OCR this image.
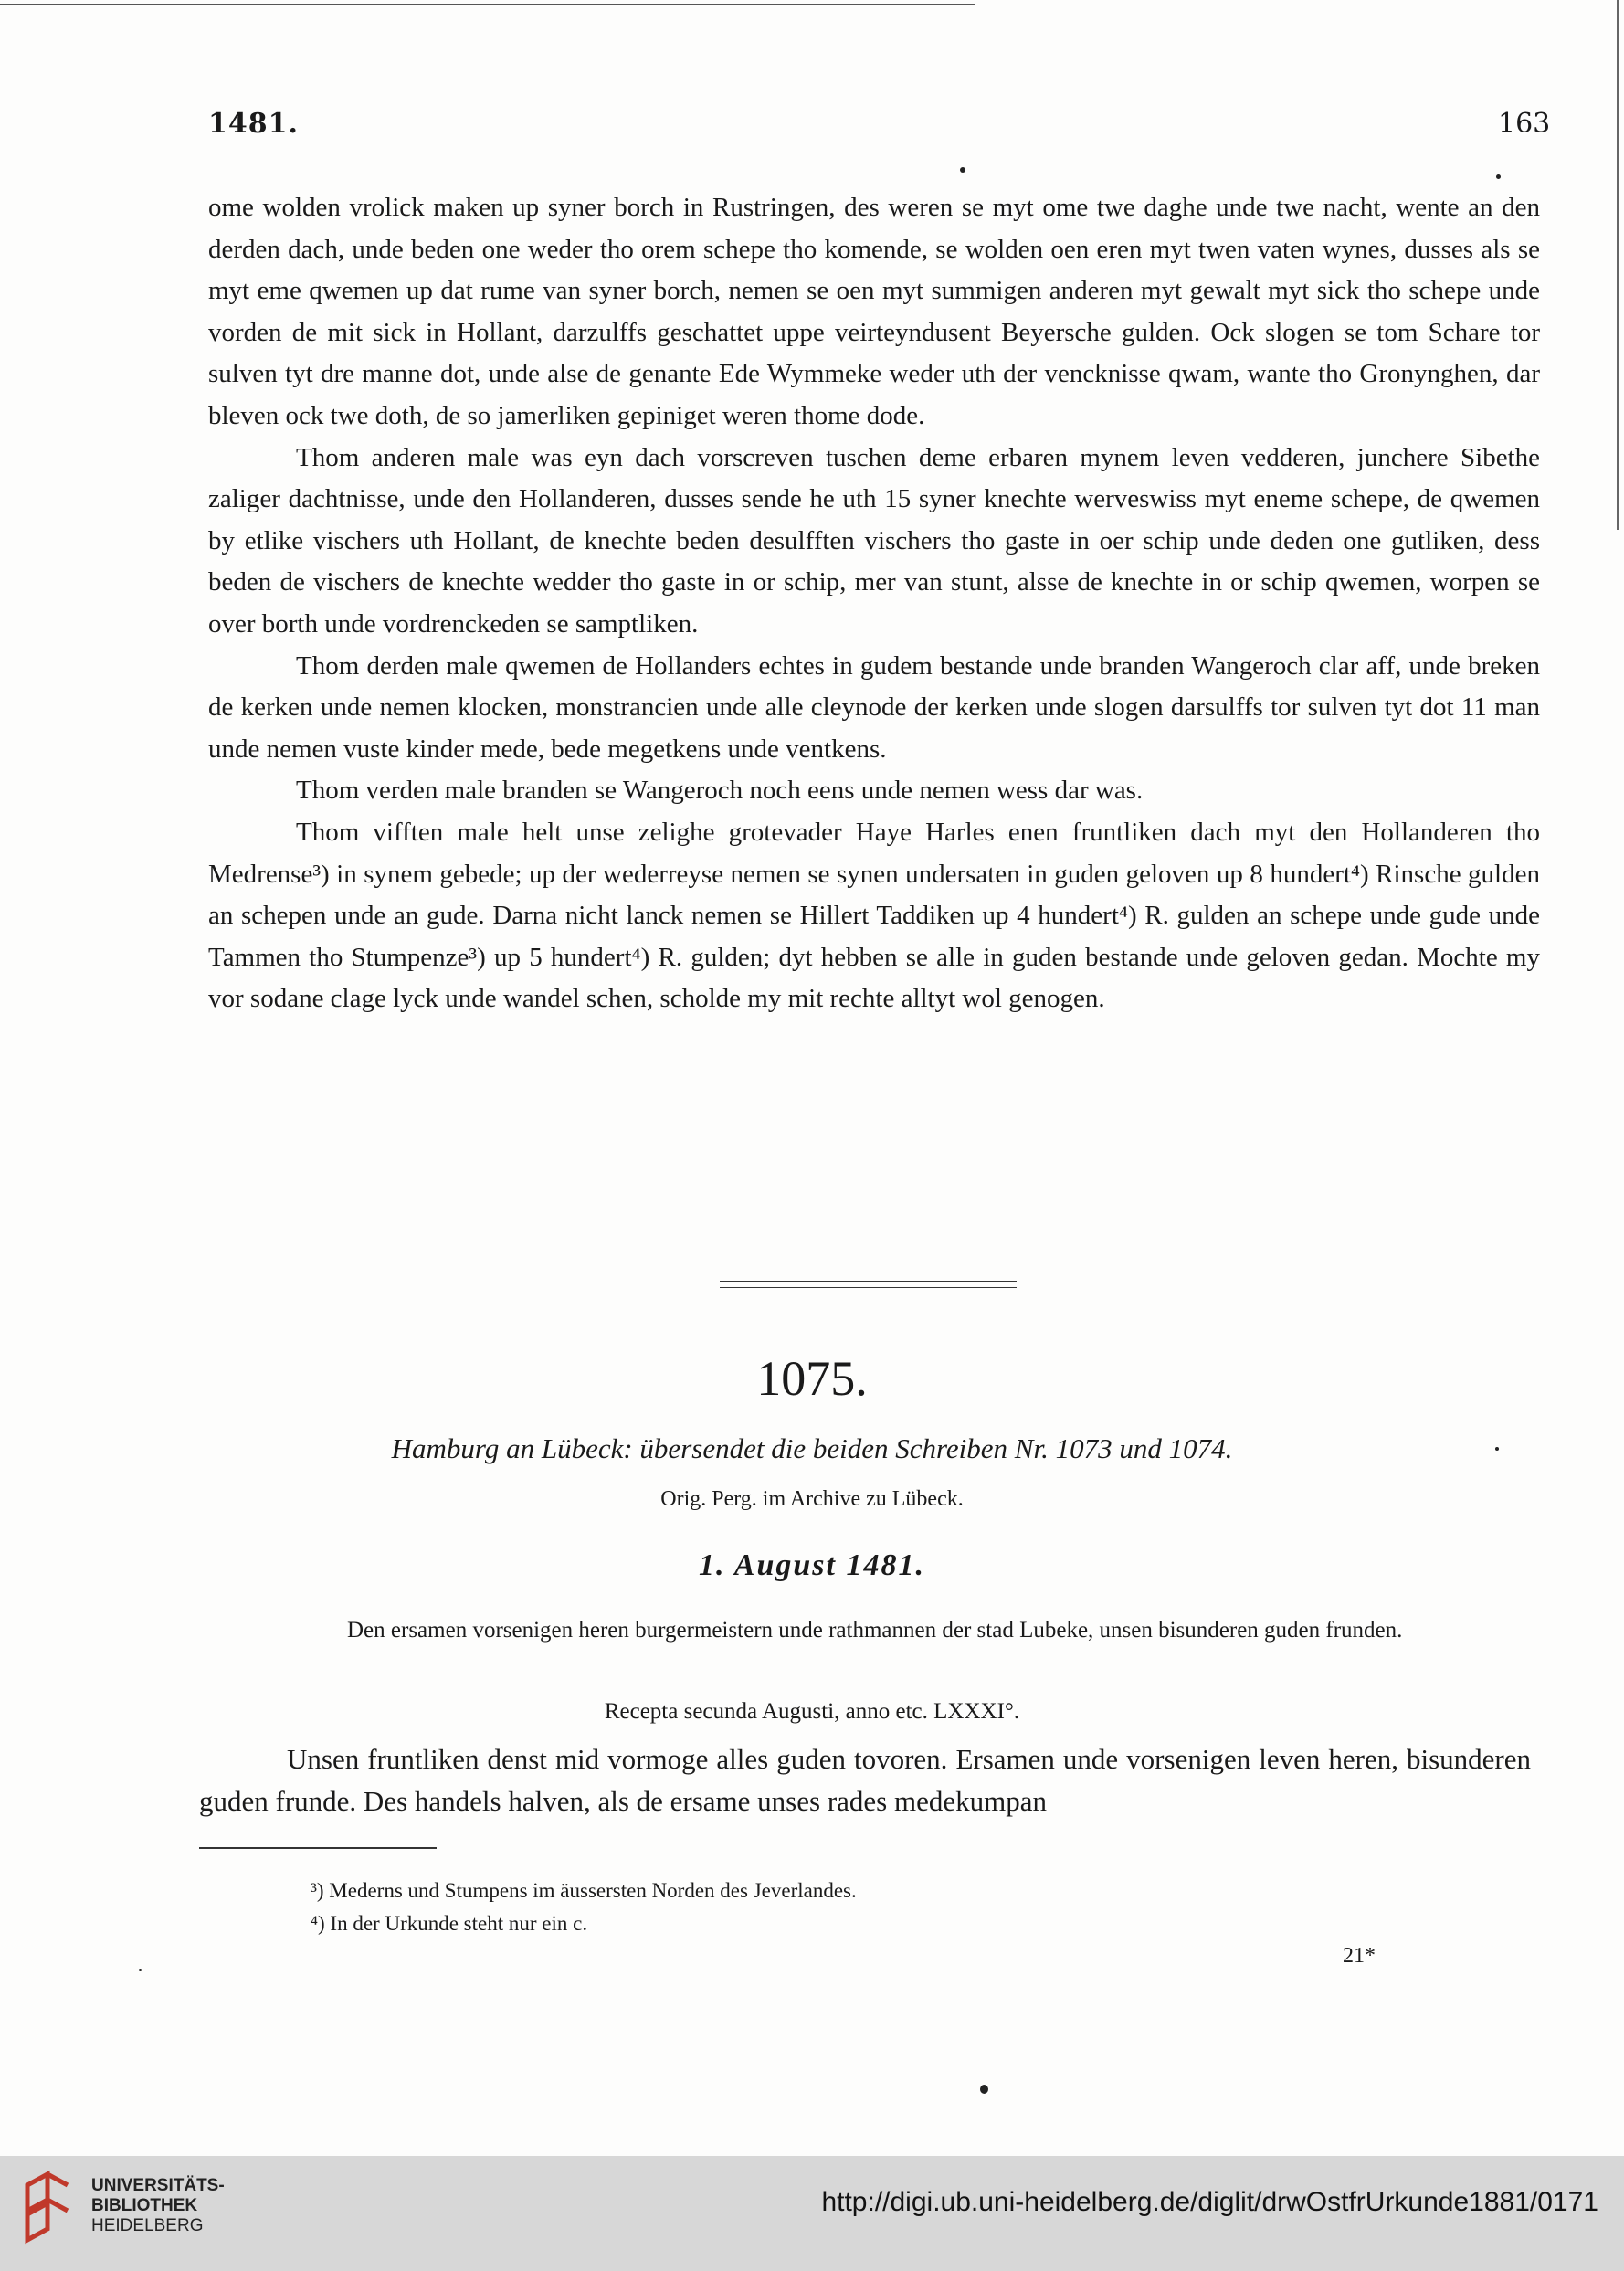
1481.	163

ome wolden vrolick maken up syner borch in Rustringen, des weren se myt ome twe daghe unde twe nacht, wente an den derden dach, unde beden one weder tho orem schepe tho komende, se wolden oen eren myt twen vaten wynes, dusses als se myt eme qwemen up dat rume van syner borch, nemen se oen myt summigen anderen myt gewalt myt sick tho schepe unde vorden de mit sick in Hollant, darzulffs geschattet uppe veirteyndusent Beyersche gulden. Ock slogen se tom Schare tor sulven tyt dre manne dot, unde alse de genante Ede Wymmeke weder uth der vencknisse qwam, wante tho Gronynghen, dar bleven ock twe doth, de so jamerliken gepiniget weren thome dode.

Thom anderen male was eyn dach vorscreven tuschen deme erbaren mynem leven vedderen, junchere Sibethe zaliger dachtnisse, unde den Hollanderen, dusses sende he uth 15 syner knechte werveswiss myt eneme schepe, de qwemen by etlike vischers uth Hollant, de knechte beden desulfften vischers tho gaste in oer schip unde deden one gutliken, dess beden de vischers de knechte wedder tho gaste in or schip, mer van stunt, alsse de knechte in or schip qwemen, worpen se over borth unde vordrenckeden se samptliken.

Thom derden male qwemen de Hollanders echtes in gudem bestande unde branden Wangeroch clar aff, unde breken de kerken unde nemen klocken, monstrancien unde alle cleynode der kerken unde slogen darsulffs tor sulven tyt dot 11 man unde nemen vuste kinder mede, bede megetkens unde ventkens.

Thom verden male branden se Wangeroch noch eens unde nemen wess dar was.

Thom vifften male helt unse zelighe grotevader Haye Harles enen fruntliken dach myt den Hollanderen tho Medrense³) in synem gebede; up der wederreyse nemen se synen undersaten in guden geloven up 8 hundert⁴) Rinsche gulden an schepen unde an gude. Darna nicht lanck nemen se Hillert Taddiken up 4 hundert⁴) R. gulden an schepe unde gude unde Tammen tho Stumpenze³) up 5 hundert⁴) R. gulden; dyt hebben se alle in guden bestande unde geloven gedan. Mochte my vor sodane clage lyck unde wandel schen, scholde my mit rechte alltyt wol genogen.

1075.
Hamburg an Lübeck: übersendet die beiden Schreiben Nr. 1073 und 1074.
Orig. Perg. im Archive zu Lübeck.
1. August 1481.
Den ersamen vorsenigen heren burgermeistern unde rathmannen der stad Lubeke, unsen bisunderen guden frunden.
Recepta secunda Augusti, anno etc. LXXXI°.

Unsen fruntliken denst mid vormoge alles guden tovoren. Ersamen unde vorsenigen leven heren, bisunderen guden frunde. Des handels halven, als de ersame unses rades medekumpan

³) Mederns und Stumpens im äussersten Norden des Jeverlandes.
⁴) In der Urkunde steht nur ein c.
21*
UNIVERSITÄTS-
BIBLIOTHEK
HEIDELBERG
http://digi.ub.uni-heidelberg.de/diglit/drwOstfrUrkunde1881/0171
